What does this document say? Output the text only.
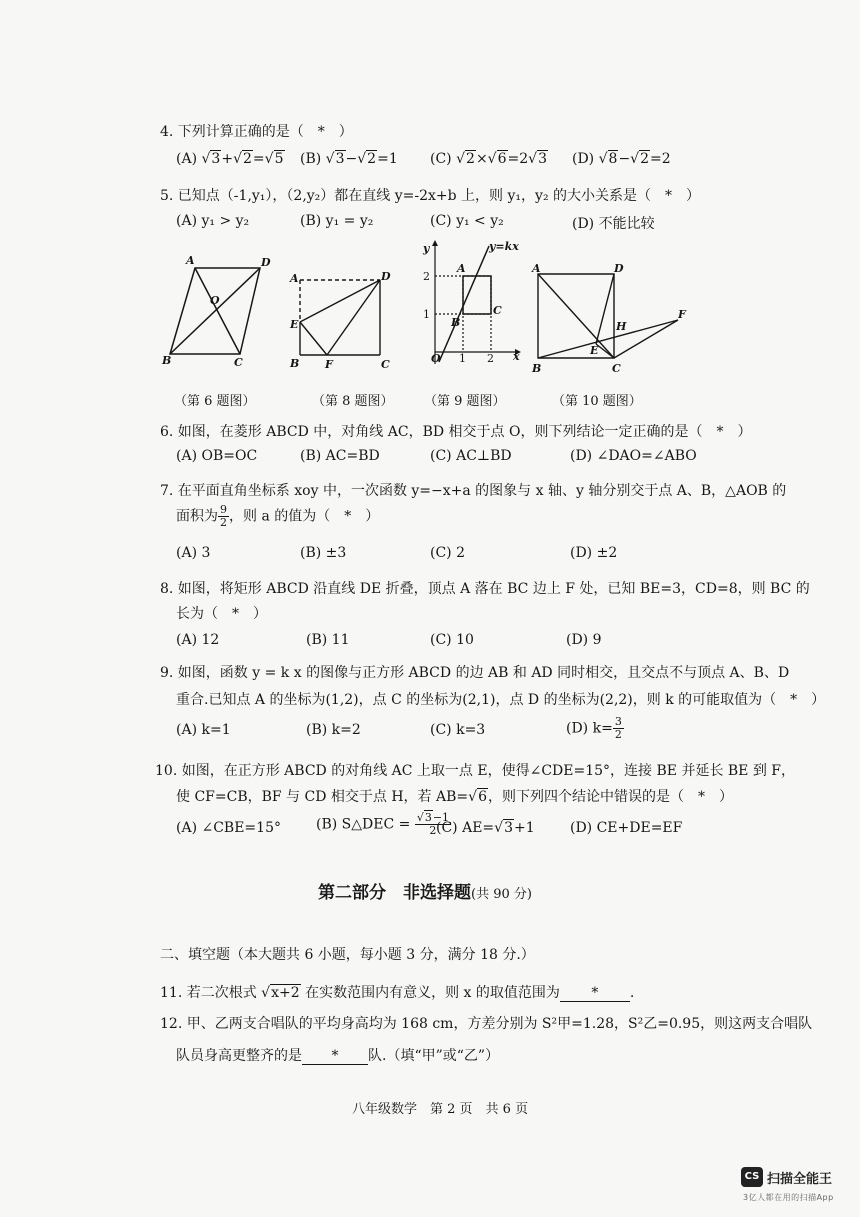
4. 下列计算正确的是（　*　）
(A) √3+√2=√5 (B) √3−√2=1 (C) √2×√6=2√3 (D) √8−√2=2
5. 已知点（-1,y₁），（2,y₂）都在直线 y=-2x+b 上，则 y₁，y₂ 的大小关系是（　*　）
(A) y₁ > y₂	(B) y₁ = y₂	(C) y₁ < y₂	(D) 不能比较
A	D
O
B	C
（第 6 题图）
A	D
E
B F	C
（第 8 题图）
y	y=kx
A
C
B
O	x
2
1
1 2
（第 9 题图）
A	D
H
F
E
B	C
（第 10 题图）
6. 如图，在菱形 ABCD 中，对角线 AC，BD 相交于点 O，则下列结论一定正确的是（　*　）
(A) OB=OC	(B) AC=BD	(C) AC⊥BD	(D) ∠DAO=∠ABO
7. 在平面直角坐标系 xoy 中，一次函数 y=−x+a 的图象与 x 轴、y 轴分别交于点 A、B，△AOB 的
面积为 $\frac{9}{2}$ ，则 a 的值为（　*　）
(A) 3	(B) ±3	(C) 2	(D) ±2
8. 如图，将矩形 ABCD 沿直线 DE 折叠，顶点 A 落在 BC 边上 F 处，已知 BE=3，CD=8，则 BC 的
长为（　*　）
(A) 12	(B) 11	(C) 10	(D) 9
9. 如图，函数 y = k x 的图像与正方形 ABCD 的边 AB 和 AD 同时相交，且交点不与顶点 A、B、D
重合.已知点 A 的坐标为(1,2)，点 C 的坐标为(2,1)，点 D 的坐标为(2,2)，则 k 的可能取值为（　*　）
(A) k=1	(B) k=2	(C) k=3	(D) $k= \frac{3}{2}$
10. 如图，在正方形 ABCD 的对角线 AC 上取一点 E，使得∠CDE=15°，连接 BE 并延长 BE 到 F，
使 CF=CB，BF 与 CD 相交于点 H，若 AB=√6，则下列四个结论中错误的是（　*　）
(A) ∠CBE=15°	(B) S△DEC = $\frac{√3-1}{2}$
(C) AE=√3+1	(D) CE+DE=EF
第二部分　非选择题(共 90 分)
二、填空题（本大题共 6 小题，每小题 3 分，满分 18 分.）
11. 若二次根式 √x+2 在实数范围内有意义，则 x 的取值范围为 * .
12. 甲、乙两支合唱队的平均身高均为 168 cm，方差分别为 S²甲=1.28，S²乙=0.95，则这两支合唱队
队员身高更整齐的是 * 队.（填“甲”或“乙”）
八年级数学　第 2 页　共 6 页
CS 扫描全能王
3亿人都在用的扫描App
